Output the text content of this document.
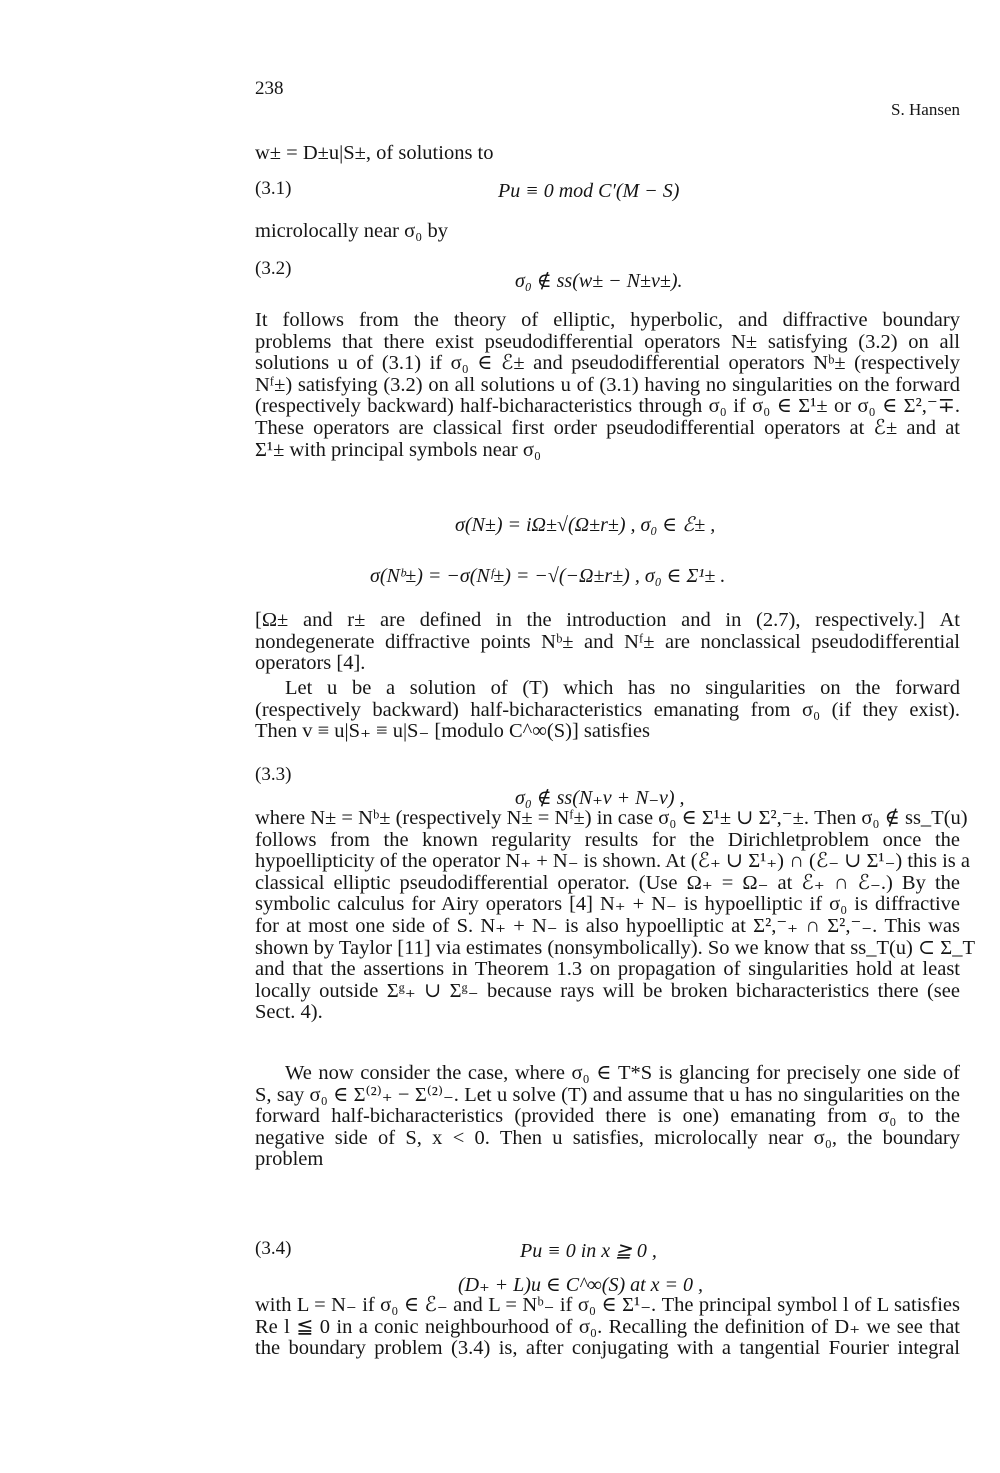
238
S. Hansen
w± = D±u|S±, of solutions to
(3.1)	Pu ≡ 0 mod C′(M − S)
microlocally near σ₀ by
(3.2)
σ₀ ∉ ss(w± − N±v±).
It follows from the theory of elliptic, hyperbolic, and diffractive boundary
problems that there exist pseudodifferential operators N± satisfying (3.2) on all
solutions u of (3.1) if σ₀ ∈ ℰ± and pseudodifferential operators Nᵇ± (respectively
Nᶠ±) satisfying (3.2) on all solutions u of (3.1) having no singularities on the forward
(respectively backward) half-bicharacteristics through σ₀ if σ₀ ∈ Σ¹± or σ₀ ∈ Σ²,⁻∓.
These operators are classical first order pseudodifferential operators at ℰ± and at
Σ¹± with principal symbols near σ₀
σ(N±) = iΩ±√(Ω±r±) , σ₀ ∈ ℰ± ,
σ(Nᵇ±) = −σ(Nᶠ±) = −√(−Ω±r±) , σ₀ ∈ Σ¹± .
[Ω± and r± are defined in the introduction and in (2.7), respectively.] At
nondegenerate diffractive points Nᵇ± and Nᶠ± are nonclassical pseudodifferential
operators [4].
Let u be a solution of (T) which has no singularities on the forward
(respectively backward) half-bicharacteristics emanating from σ₀ (if they exist).
Then v ≡ u|S₊ ≡ u|S₋ [modulo C^∞(S)] satisfies
(3.3)
σ₀ ∉ ss(N₊v + N₋v) ,
where N± = Nᵇ± (respectively N± = Nᶠ±) in case σ₀ ∈ Σ¹± ∪ Σ²,⁻±. Then σ₀ ∉ ss_T(u)
follows from the known regularity results for the Dirichletproblem once the
hypoellipticity of the operator N₊ + N₋ is shown. At (ℰ₊ ∪ Σ¹₊) ∩ (ℰ₋ ∪ Σ¹₋) this is a
classical elliptic pseudodifferential operator. (Use Ω₊ = Ω₋ at ℰ₊ ∩ ℰ₋.) By the
symbolic calculus for Airy operators [4] N₊ + N₋ is hypoelliptic if σ₀ is diffractive
for at most one side of S. N₊ + N₋ is also hypoelliptic at Σ²,⁻₊ ∩ Σ²,⁻₋. This was
shown by Taylor [11] via estimates (nonsymbolically). So we know that ss_T(u) ⊂ Σ_T
and that the assertions in Theorem 1.3 on propagation of singularities hold at least
locally outside Σᵍ₊ ∪ Σᵍ₋ because rays will be broken bicharacteristics there (see
Sect. 4).
We now consider the case, where σ₀ ∈ T*S is glancing for precisely one side of
S, say σ₀ ∈ Σ⁽²⁾₊ − Σ⁽²⁾₋. Let u solve (T) and assume that u has no singularities on the
forward half-bicharacteristics (provided there is one) emanating from σ₀ to the
negative side of S, x < 0. Then u satisfies, microlocally near σ₀, the boundary
problem
(3.4)	Pu ≡ 0 in x ≧ 0 ,
(D₊ + L)u ∈ C^∞(S) at x = 0 ,
with L = N₋ if σ₀ ∈ ℰ₋ and L = Nᵇ₋ if σ₀ ∈ Σ¹₋. The principal symbol l of L satisfies
Re l ≦ 0 in a conic neighbourhood of σ₀. Recalling the definition of D₊ we see that
the boundary problem (3.4) is, after conjugating with a tangential Fourier integral
